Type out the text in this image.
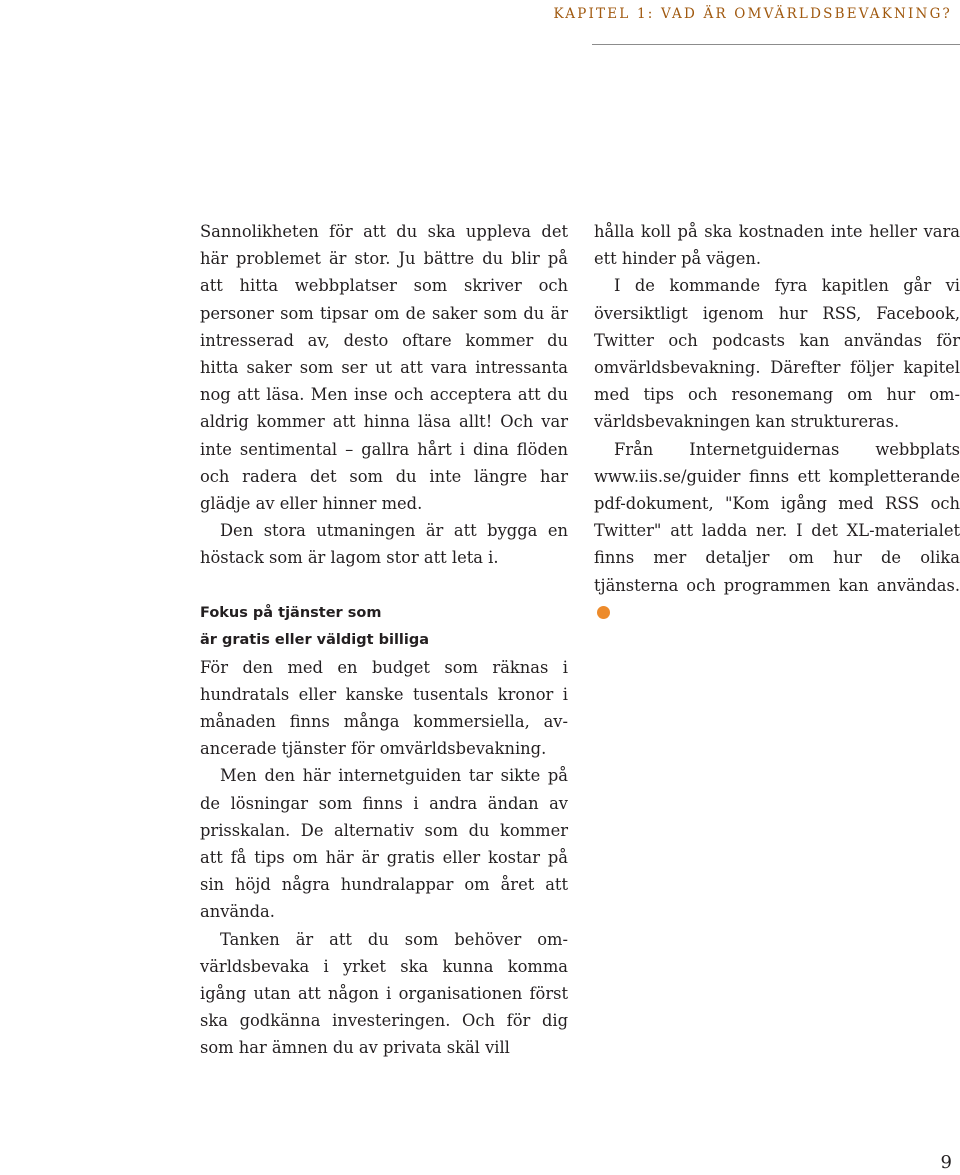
KAPITEL 1: VAD ÄR OMVÄRLDSBEVAKNING?

Sannolikheten för att du ska uppleva det här problemet är stor. Ju bättre du blir på att hitta webbplatser som skriver och personer som tipsar om de saker som du är intresserad av, desto oftare kommer du hitta saker som ser ut att vara intressanta nog att läsa. Men inse och acceptera att du aldrig kommer att hinna läsa allt! Och var inte sentimental – gallra hårt i dina flöden och radera det som du inte längre har glädje av eller hinner med.

Den stora utmaningen är att bygga en höstack som är lagom stor att leta i.

Fokus på tjänster som
är gratis eller väldigt billiga

För den med en budget som räknas i hundratals eller kanske tusentals kronor i månaden finns många kommersiella, avancerade tjänster för omvärldsbevakning.

Men den här internetguiden tar sikte på de lösningar som finns i andra ändan av prisskalan. De alternativ som du kommer att få tips om här är gratis eller kostar på sin höjd några hundralappar om året att använda.

Tanken är att du som behöver omvärldsbevaka i yrket ska kunna komma igång utan att någon i organisationen först ska godkänna investeringen. Och för dig som har ämnen du av privata skäl vill

hålla koll på ska kostnaden inte heller vara ett hinder på vägen.

I de kommande fyra kapitlen går vi översiktligt igenom hur RSS, Facebook, Twitter och podcasts kan användas för omvärldsbevakning. Därefter följer kapitel med tips och resonemang om hur omvärldsbevakningen kan struktureras.

Från Internetguidernas webbplats www.iis.se/guider finns ett kompletterande pdf-dokument, "Kom igång med RSS och Twitter" att ladda ner. I det XL-materialet finns mer detaljer om hur de olika tjänsterna och programmen kan användas.

9
